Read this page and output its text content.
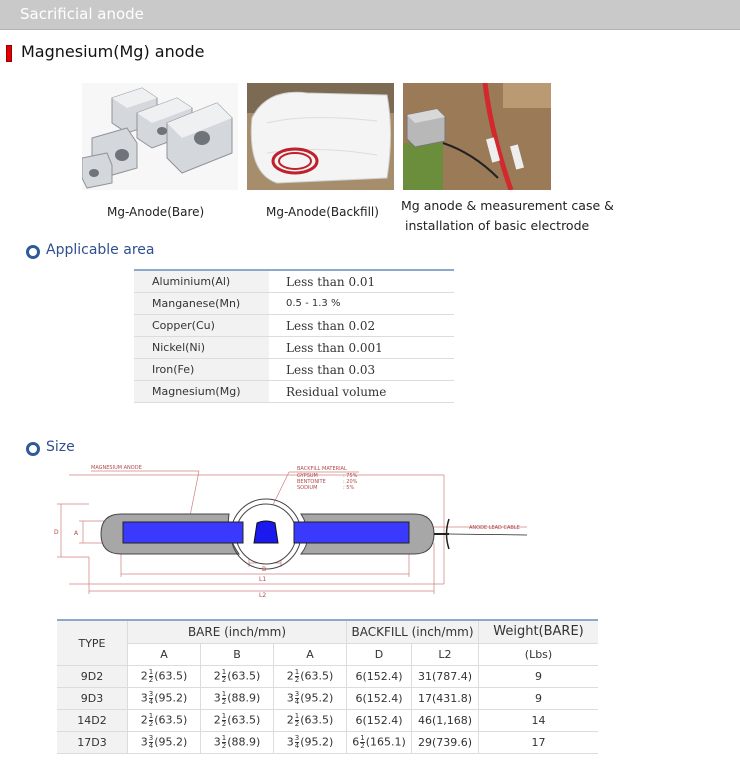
Sacrificial anode
Magnesium(Mg) anode
Mg-Anode(Bare)	Mg-Anode(Backfill) Mg anode & measurement case &
installation of basic electrode
Applicable area
Aluminium(Al)	Less than 0.01
Manganese(Mn)	0.5 - 1.3 %
Copper(Cu)	Less than 0.02
Nickel(Ni)	Less than 0.001
Iron(Fe)	Less than 0.03
Magnesium(Mg)	Residual volume
Size
MAGNESIUM ANODE	BACKFILL MATERIAL
GYPSUM	: 75%
BENTONITE	: 20%
SODIUM	: 5%
ANODE LEAD CABLE
D	A
B
L1
L2
TYPE	BARE (inch/mm)			BACKFILL (inch/mm)		Weight(BARE)
	A	B	A	D	L2	(Lbs)
9D2	$2 \frac{1}{2} (63.5)$	$2 \frac{1}{2} (63.5)$	$2 \frac{1}{2} (63.5)$	6(152.4)	31(787.4)	9
9D3	$3 \frac{3}{4} (95.2)$	$3 \frac{1}{2} (88.9)$	$3 \frac{3}{4} (95.2)$	6(152.4)	17(431.8)	9
14D2	$2 \frac{1}{2} (63.5)$	$2 \frac{1}{2} (63.5)$	$2 \frac{1}{2} (63.5)$	6(152.4)	46(1,168)	14
17D3	$3 \frac{3}{4} (95.2)$	$3 \frac{1}{2} (88.9)$	$3 \frac{3}{4} (95.2)$	$6 \frac{1}{2} (165.1)$	29(739.6)	17
